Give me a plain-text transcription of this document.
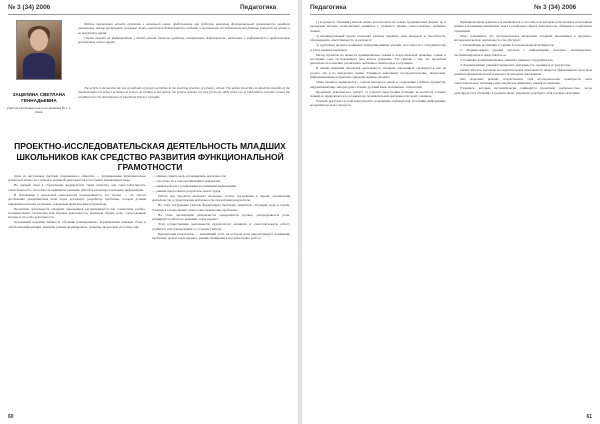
№ 3 (34) 2006	Педагогика
ЗАЦЕПИНА СВЕТЛАНА ГЕННАДЬЕВНА
учитель начальных классов гимназии № 1, г. Омск

Модель применения метода проектов в начальной школе представлена как средство развития функциональной грамотности младших школьников. Автор раскрывает основные этапы проектной деятельности, подходы к организации исследовательской работы учащихся на уроках и во внеурочное время.

Сделан акцент на формировании у детей умений ставить проблему, планировать деятельность, работать с информацией и представлять результаты своего труда.

The article is devoted to the use of methods of project activities in the teaching practice of primary school. The author describes in detail the benefits of the implementation of project activities in school. According to the author, the project activity not only forms the skills of the use of information, but also creates the conditions for the development of functional literacy of pupils.

ПРОЕКТНО-ИССЛЕДОВАТЕЛЬСКАЯ ДЕЯТЕЛЬНОСТЬ МЛАДШИХ ШКОЛЬНИКОВ КАК СРЕДСТВО РАЗВИТИЯ ФУНКЦИОНАЛЬНОЙ ГРАМОТНОСТИ

Одна из актуальных проблем современного общества — формирование функционально грамотной личности, готовой к активной деятельности в постоянно меняющемся мире.

На первый план в образовании выдвигаются такие качества, как самостоятельность, ответственность, способность принимать решения, работать в команде и находить информацию.

В Положении о проектной деятельности подчеркивается, что проект — это способ достижения дидактической цели через детальную разработку проблемы, которая должна завершиться вполне реальным, осязаемым практическим результатом.

Проектная деятельность младших школьников рассматривается как совместная учебно-познавательная, творческая или игровая деятельность, имеющая общую цель, согласованные методы и способы деятельности.

Основными задачами являются: обучение планированию, формирование навыков сбора и обработки информации, развитие умения анализировать, развитие творческих способностей.

— умение ставить цель и планировать деятельность;

— способность к самоорганизации и рефлексии;

— навыки работы с различными источниками информации;

— умение представлять результаты своего труда.

Работа над проектом включает несколько этапов: погружение в проект, организация деятельности, осуществление деятельности, презентация результатов.

На этапе погружения учитель формулирует проблему, сюжетную ситуацию, цель и задачи. Учащиеся осуществляют личностное присвоение проблемы.

На этапе организации деятельности определяются группы, распределяются роли, планируется работа по решению задач проекта.

Этап осуществления деятельности предполагает активную и самостоятельную работу учащихся, консультирование со стороны учителя.

Презентация результатов — важнейший этап, на котором дети демонстрируют понимание проблемы, цели и задач проекта, умение планировать и осуществлять работу.

60
Педагогика	№ 3 (34) 2006

1) в процессе обучения учителю важно использовать не только традиционные формы, но и проектные методы, позволяющие развивать у учащихся умение самостоятельно добывать знания;

2) индивидуальный проект позволяет ребенку проявить свои интересы и способности, сформировать ответственность за результат;

3) групповые проекты развивают коммуникативные умения, способность к сотрудничеству и учету мнения партнеров.

Метод проектов не является принципиально новым в педагогической практике, однако в последние годы он переживает свое второе рождение. Это связано с тем, что проектная деятельность позволяет реализовать деятельностный подход к обучению.

В нашей гимназии проектная деятельность младших школьников организуется как на уроках, так и во внеурочное время. Учащиеся выполняют исследовательские, творческие, информационные и практико-ориентированные проекты.

Темы проектов выбираются с учетом интересов детей и содержания учебных предметов: окружающий мир, литературное чтение, русский язык, математика, технология.

Проектная деятельность требует от учителя перестройки позиции: из носителя готовых знаний он превращается в организатора познавательной деятельности своих учеников.

Учитель выступает в роли консультанта, помощника, наблюдателя, источника информации, координатора всего процесса.

Функциональная грамотность проявляется в способности человека использовать полученные знания для решения жизненных задач в различных сферах деятельности, общения и социальных отношений.

Опыт показывает, что систематическое включение младших школьников в проектно-исследовательскую деятельность способствует:

1. Повышению мотивации к учению и познавательной активности.

2. Формированию умений работать с информацией: находить, анализировать, систематизировать и представлять ее.

3. Развитию коммуникативных умений и навыков сотрудничества.

4. Формированию умений планировать деятельность, оценивать ее результаты.

Таким образом, проектно-исследовательская деятельность является эффективным средством развития функциональной грамотности младших школьников.

Она позволяет ребенку почувствовать себя исследователем, приобрести опыт самостоятельного решения задач, научиться применять знания на практике.

Учащиеся, которые систематически занимаются проектной деятельностью, легче адаптируются к обучению в среднем звене, увереннее чувствуют себя в новых ситуациях.

61
